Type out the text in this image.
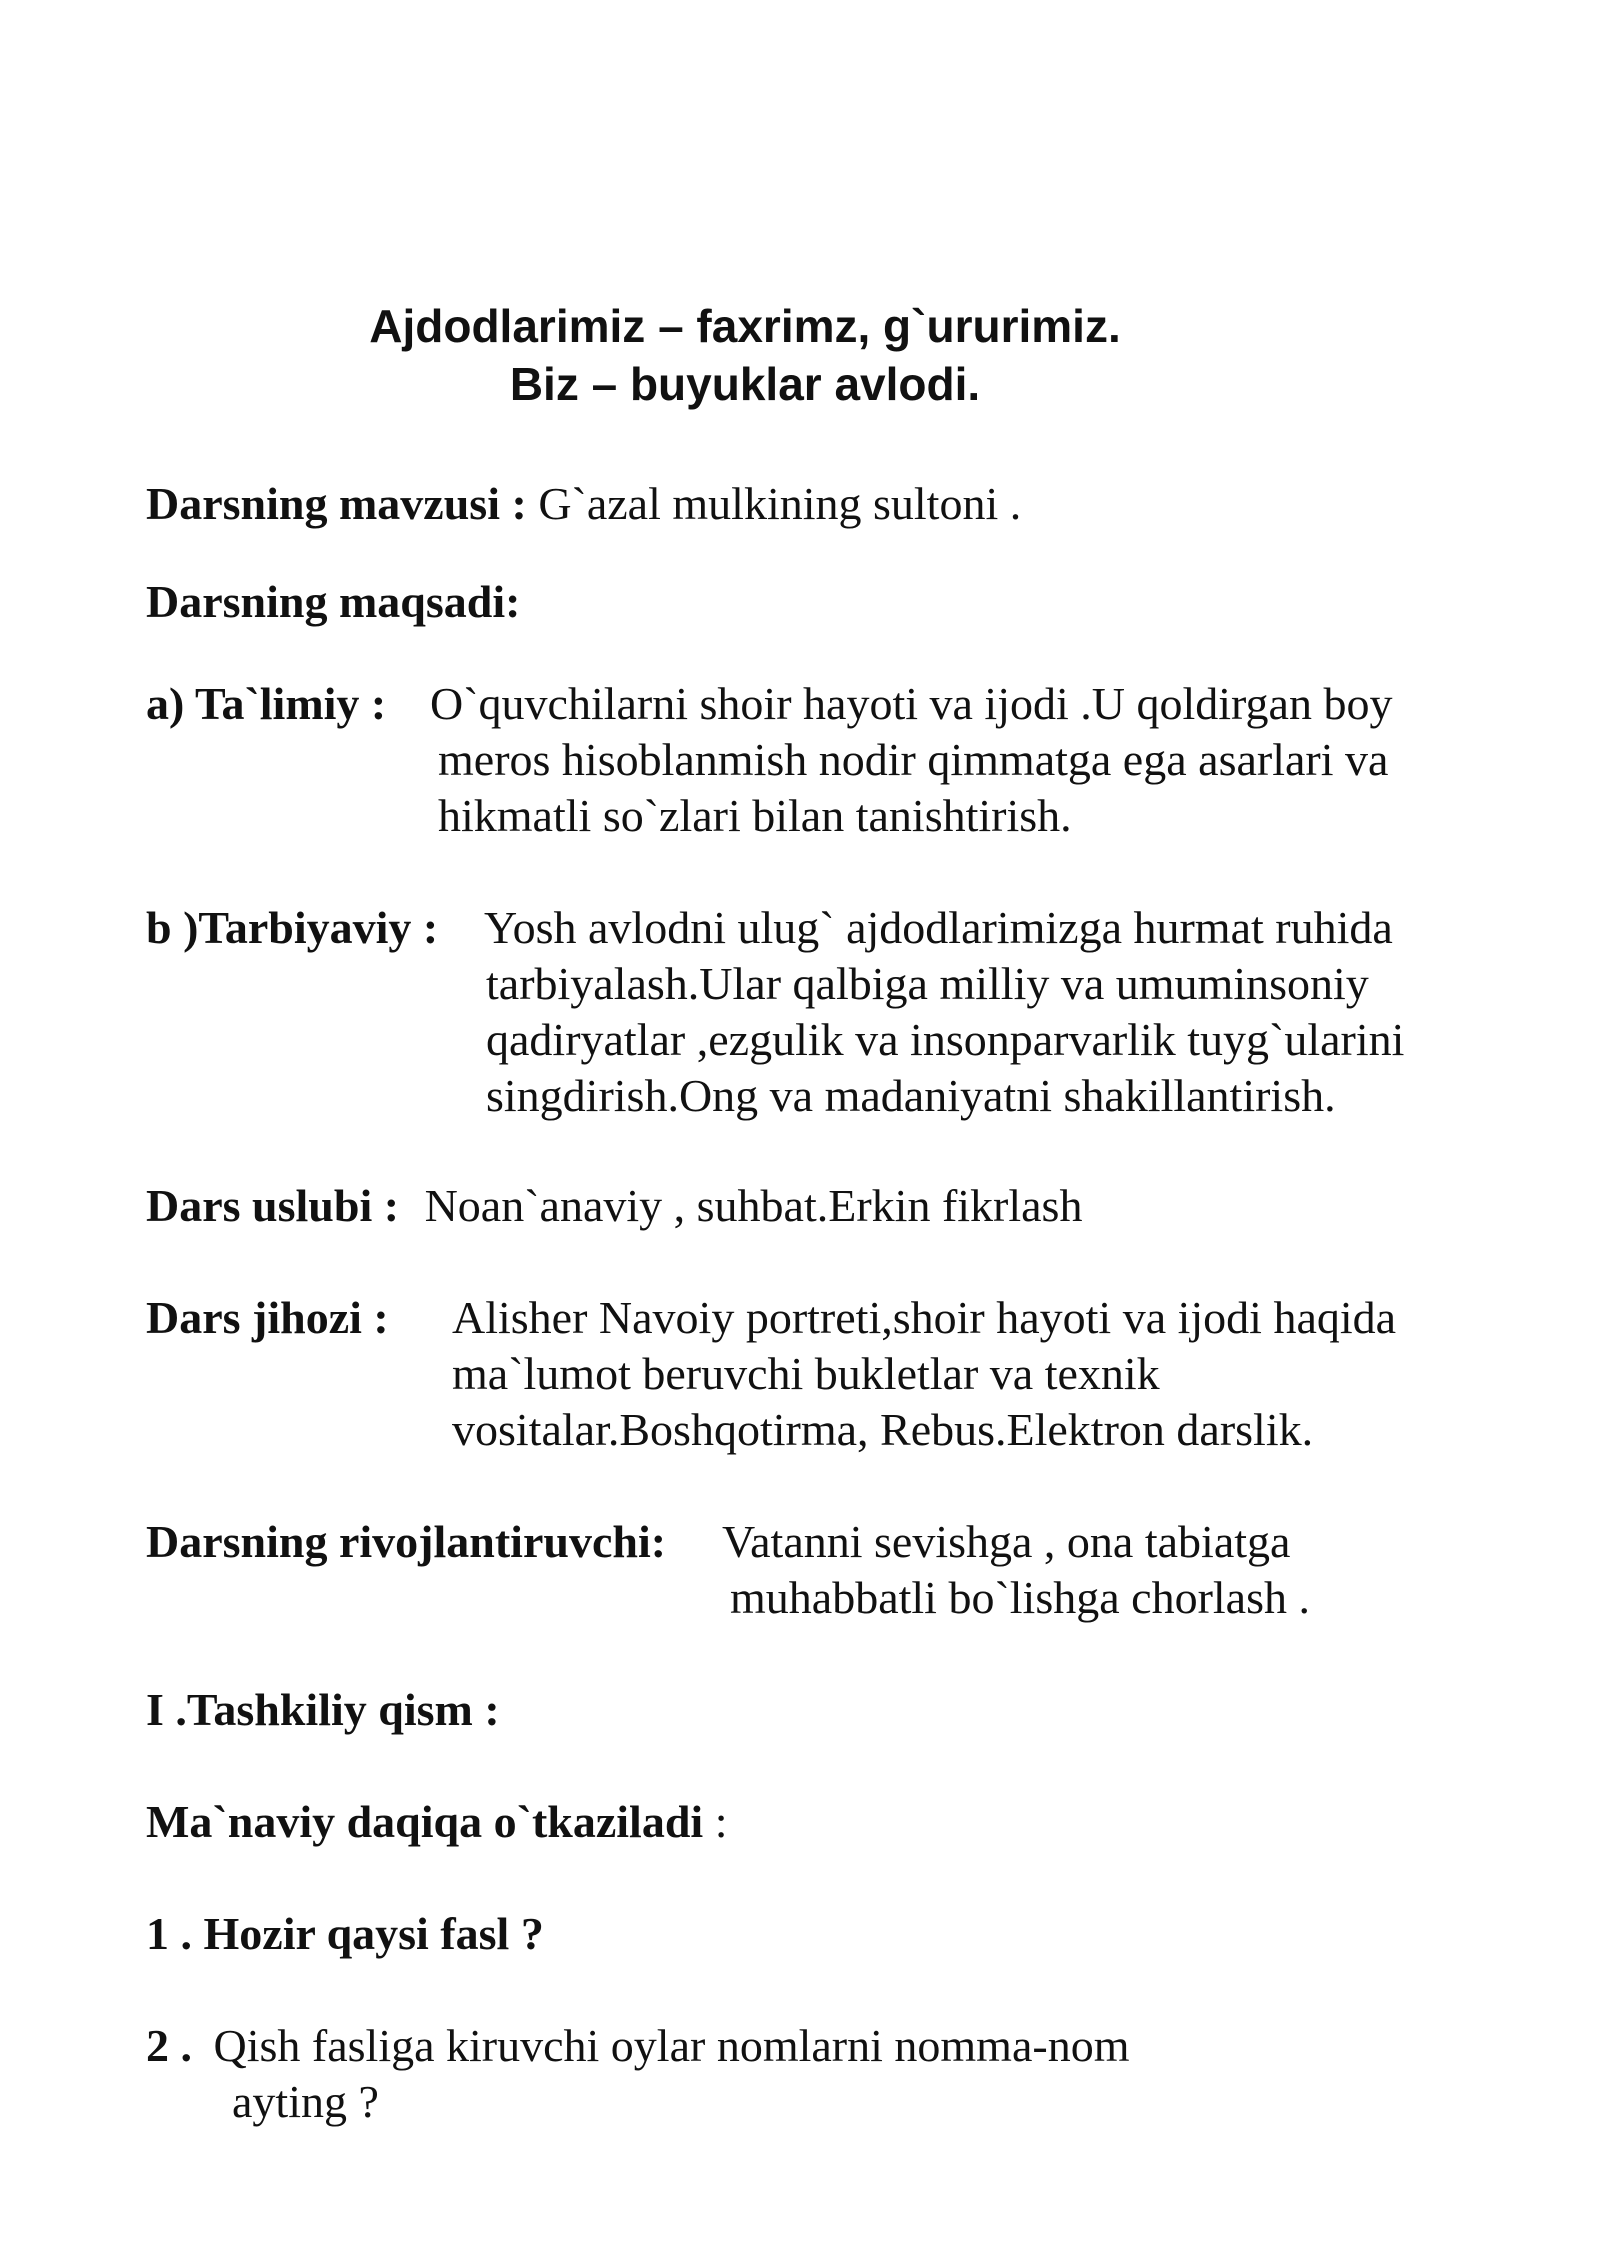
Ajdodlarimiz – faxrimz, g`ururimiz.
Biz – buyuklar avlodi.
Darsning mavzusi : G`azal mulkining sultoni .
Darsning maqsadi:
a) Ta`limiy : O`quvchilarni shoir hayoti va ijodi .U qoldirgan boy
meros hisoblanmish nodir qimmatga ega asarlari va
hikmatli so`zlari bilan tanishtirish.
b )Tarbiyaviy : Yosh avlodni ulug` ajdodlarimizga hurmat ruhida
tarbiyalash.Ular qalbiga milliy va umuminsoniy
qadiryatlar ,ezgulik va insonparvarlik tuyg`ularini
singdirish.Ong va madaniyatni shakillantirish.
Dars uslubi : Noan`anaviy , suhbat.Erkin fikrlash
Dars jihozi : Alisher Navoiy portreti,shoir hayoti va ijodi haqida
ma`lumot beruvchi bukletlar va texnik
vositalar.Boshqotirma, Rebus.Elektron darslik.
Darsning rivojlantiruvchi: Vatanni sevishga , ona tabiatga
muhabbatli bo`lishga chorlash .
I .Tashkiliy qism :
Ma`naviy daqiqa o`tkaziladi :
1 . Hozir qaysi fasl ?
2 . Qish fasliga kiruvchi oylar nomlarni nomma-nom
ayting ?
